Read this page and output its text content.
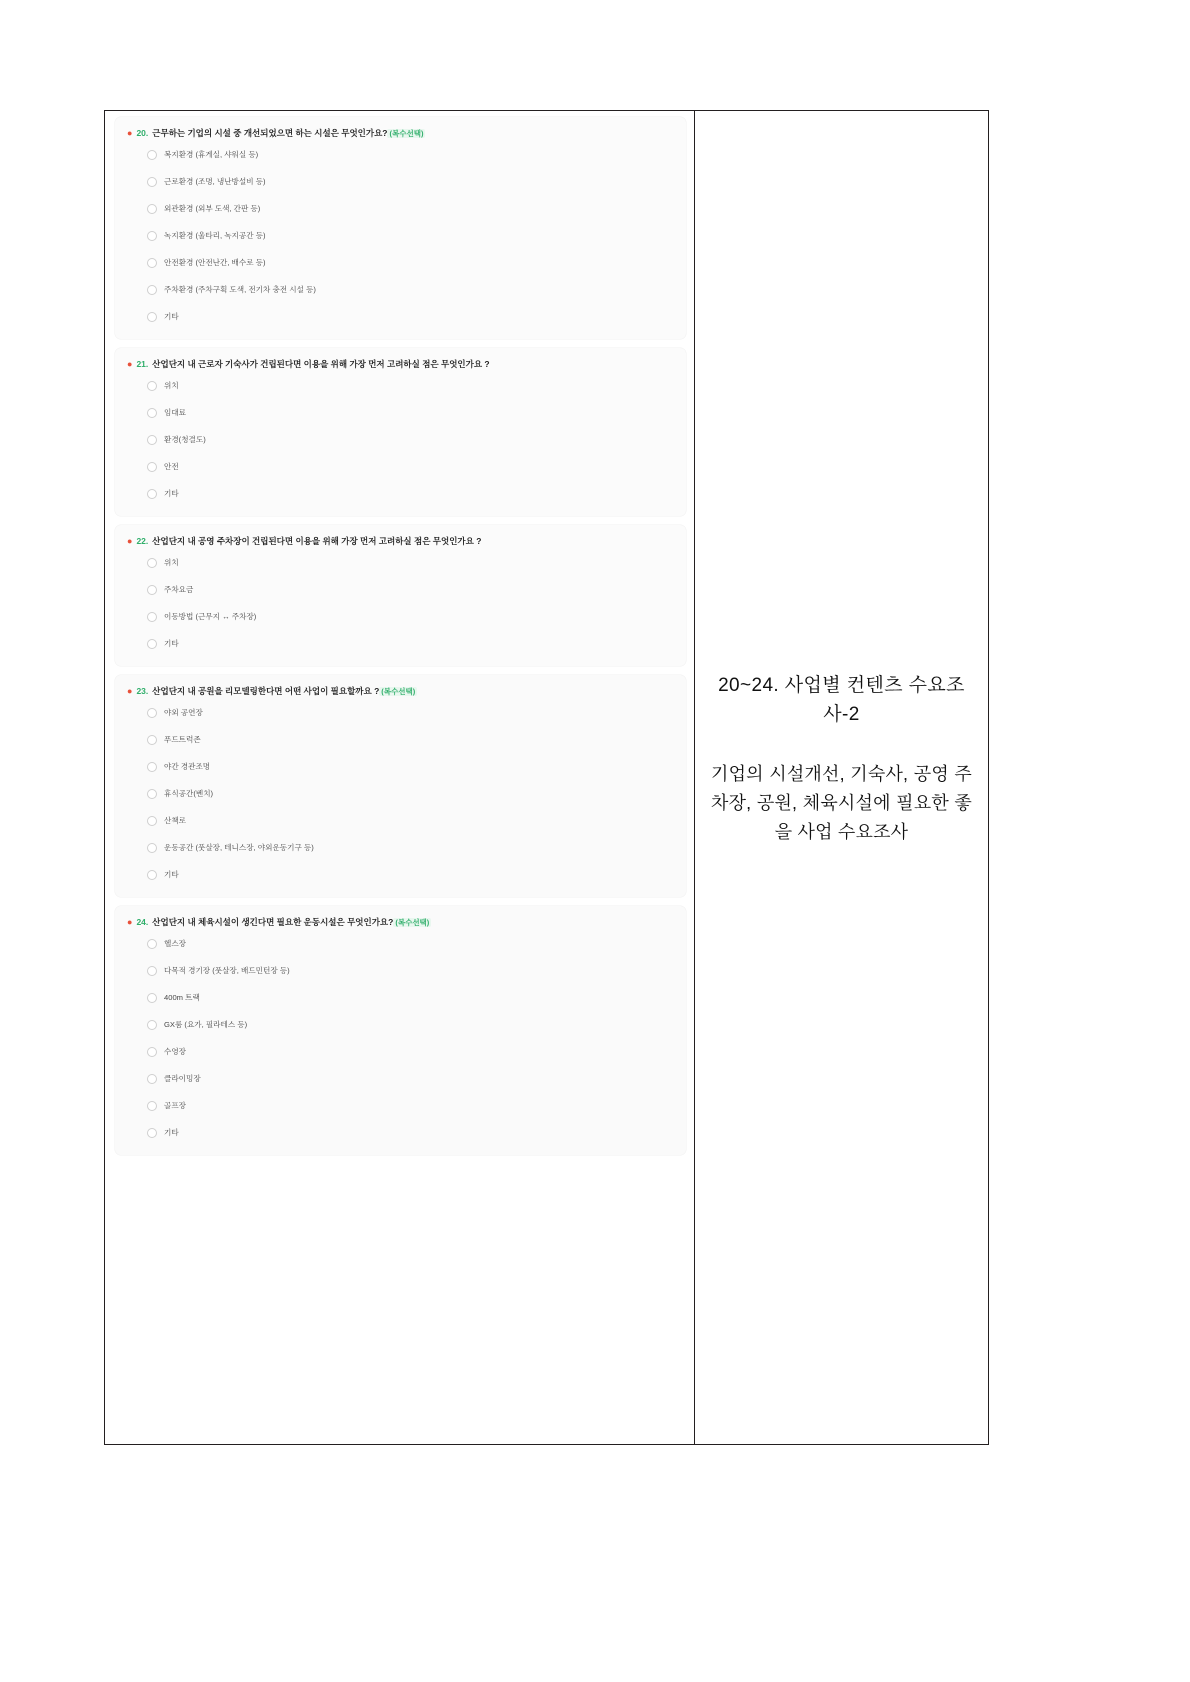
● 20. 근무하는 기업의 시설 중 개선되었으면 하는 시설은 무엇인가요? (복수선택)
복지환경 (휴게실, 샤워실 등)
근로환경 (조명, 냉난방설비 등)
외관환경 (외부 도색, 간판 등)
녹지환경 (울타리, 녹지공간 등)
안전환경 (안전난간, 배수로 등)
주차환경 (주차구획 도색, 전기차 충전 시설 등)
기타
● 21. 산업단지 내 근로자 기숙사가 건립된다면 이용을 위해 가장 먼저 고려하실 점은 무엇인가요 ?
위치
임대료
환경(청결도)
안전
기타
● 22. 산업단지 내 공영 주차장이 건립된다면 이용을 위해 가장 먼저 고려하실 점은 무엇인가요 ?
위치
주차요금
이동방법 (근무지 ↔ 주차장)
기타
● 23. 산업단지 내 공원을 리모델링한다면 어떤 사업이 필요할까요 ? (복수선택)
야외 공연장
푸드트럭존
야간 경관조명
휴식공간(벤치)
산책로
운동공간 (풋살장, 테니스장, 야외운동기구 등)
기타
● 24. 산업단지 내 체육시설이 생긴다면 필요한 운동시설은 무엇인가요? (복수선택)
헬스장
다목적 경기장 (풋살장, 배드민턴장 등)
400m 트랙
GX룸 (요가, 필라테스 등)
수영장
클라이밍장
골프장
기타
20~24. 사업별 컨텐츠 수요조사-2
기업의 시설개선, 기숙사, 공영 주차장, 공원, 체육시설에 필요한 좋을 사업 수요조사
